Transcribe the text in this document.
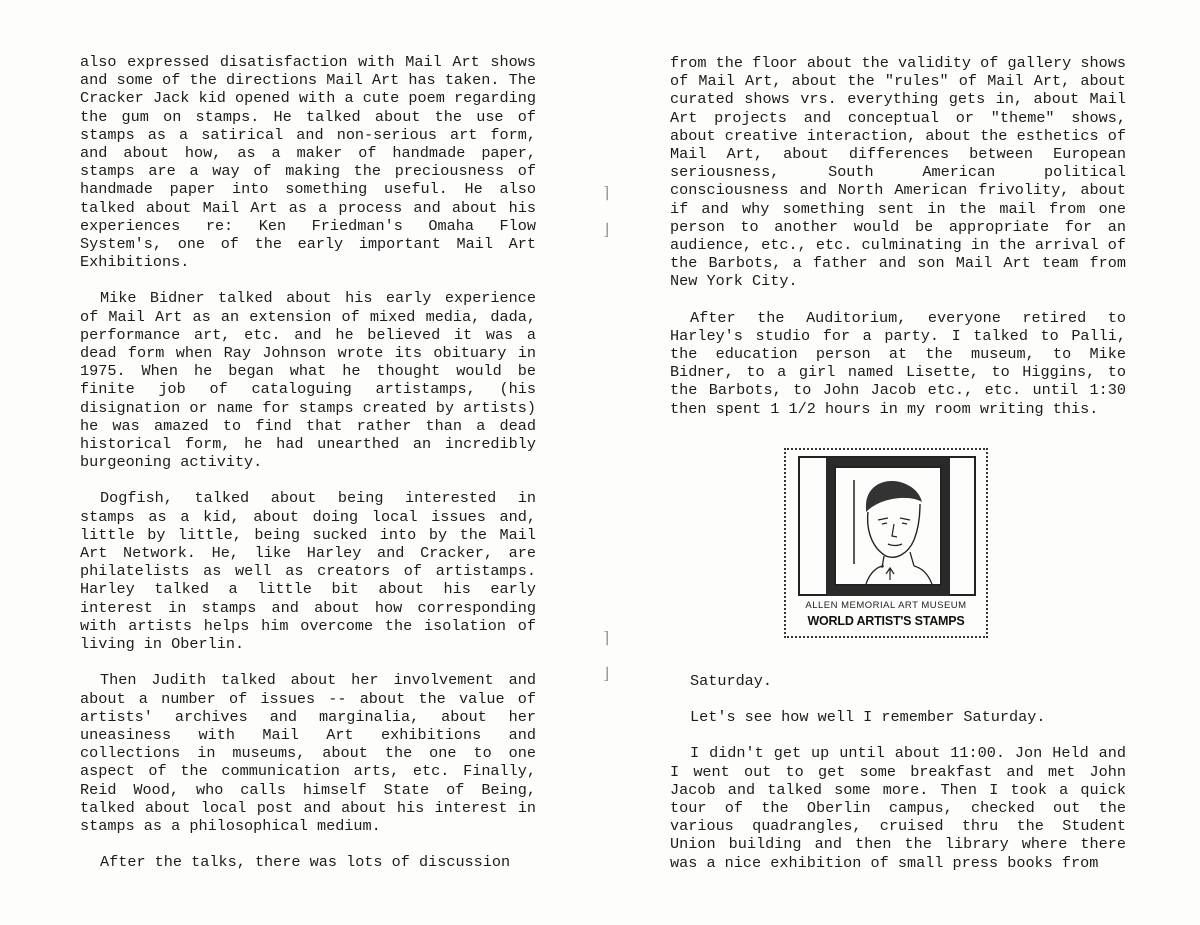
also expressed disatisfaction with Mail Art shows and some of the directions Mail Art has taken. The Cracker Jack kid opened with a cute poem regarding the gum on stamps. He talked about the use of stamps as a satirical and non-serious art form, and about how, as a maker of handmade paper, stamps are a way of making the preciousness of handmade paper into something useful. He also talked about Mail Art as a process and about his experiences re: Ken Friedman's Omaha Flow System's, one of the early important Mail Art Exhibitions.

Mike Bidner talked about his early experience of Mail Art as an extension of mixed media, dada, performance art, etc. and he believed it was a dead form when Ray Johnson wrote its obituary in 1975. When he began what he thought would be finite job of cataloguing artistamps, (his disignation or name for stamps created by artists) he was amazed to find that rather than a dead historical form, he had unearthed an incredibly burgeoning activity.

Dogfish, talked about being interested in stamps as a kid, about doing local issues and, little by little, being sucked into by the Mail Art Network. He, like Harley and Cracker, are philatelists as well as creators of artistamps. Harley talked a little bit about his early interest in stamps and about how corresponding with artists helps him overcome the isolation of living in Oberlin.

Then Judith talked about her involvement and about a number of issues -- about the value of artists' archives and marginalia, about her uneasiness with Mail Art exhibitions and collections in museums, about the one to one aspect of the communication arts, etc. Finally, Reid Wood, who calls himself State of Being, talked about local post and about his interest in stamps as a philosophical medium.

After the talks, there was lots of discussion

from the floor about the validity of gallery shows of Mail Art, about the "rules" of Mail Art, about curated shows vrs. everything gets in, about Mail Art projects and conceptual or "theme" shows, about creative interaction, about the esthetics of Mail Art, about differences between European seriousness, South American political consciousness and North American frivolity, about if and why something sent in the mail from one person to another would be appropriate for an audience, etc., etc. culminating in the arrival of the Barbots, a father and son Mail Art team from New York City.

After the Auditorium, everyone retired to Harley's studio for a party. I talked to Palli, the education person at the museum, to Mike Bidner, to a girl named Lisette, to Higgins, to the Barbots, to John Jacob etc., etc. until 1:30 then spent 1 1/2 hours in my room writing this.

ALLEN MEMORIAL ART MUSEUM
WORLD ARTIST'S STAMPS

Saturday.

Let's see how well I remember Saturday.

I didn't get up until about 11:00. Jon Held and I went out to get some breakfast and met John Jacob and talked some more. Then I took a quick tour of the Oberlin campus, checked out the various quadrangles, cruised thru the Student Union building and then the library where there was a nice exhibition of small press books from

⌉
⌋
⌉
⌋
